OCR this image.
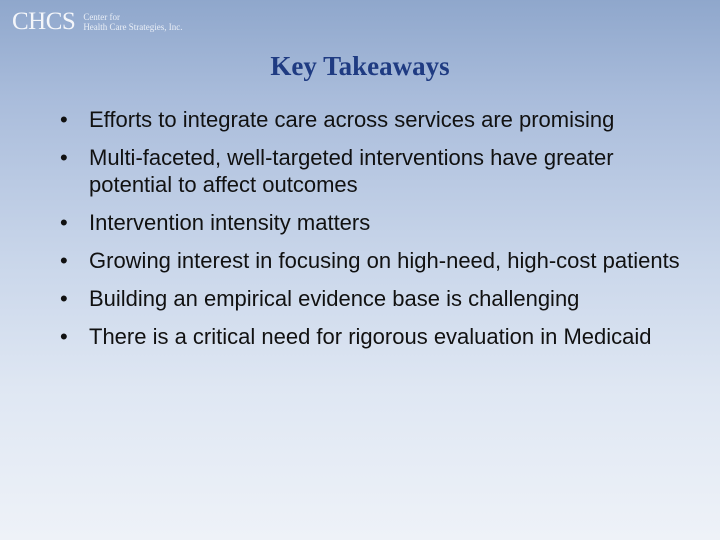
CHCS Center for
Health Care Strategies, Inc.
Key Takeaways
• Efforts to integrate care across services are promising
• Multi-faceted, well-targeted interventions have greater potential to affect outcomes
• Intervention intensity matters
• Growing interest in focusing on high-need, high-cost patients
• Building an empirical evidence base is challenging
• There is a critical need for rigorous evaluation in Medicaid
